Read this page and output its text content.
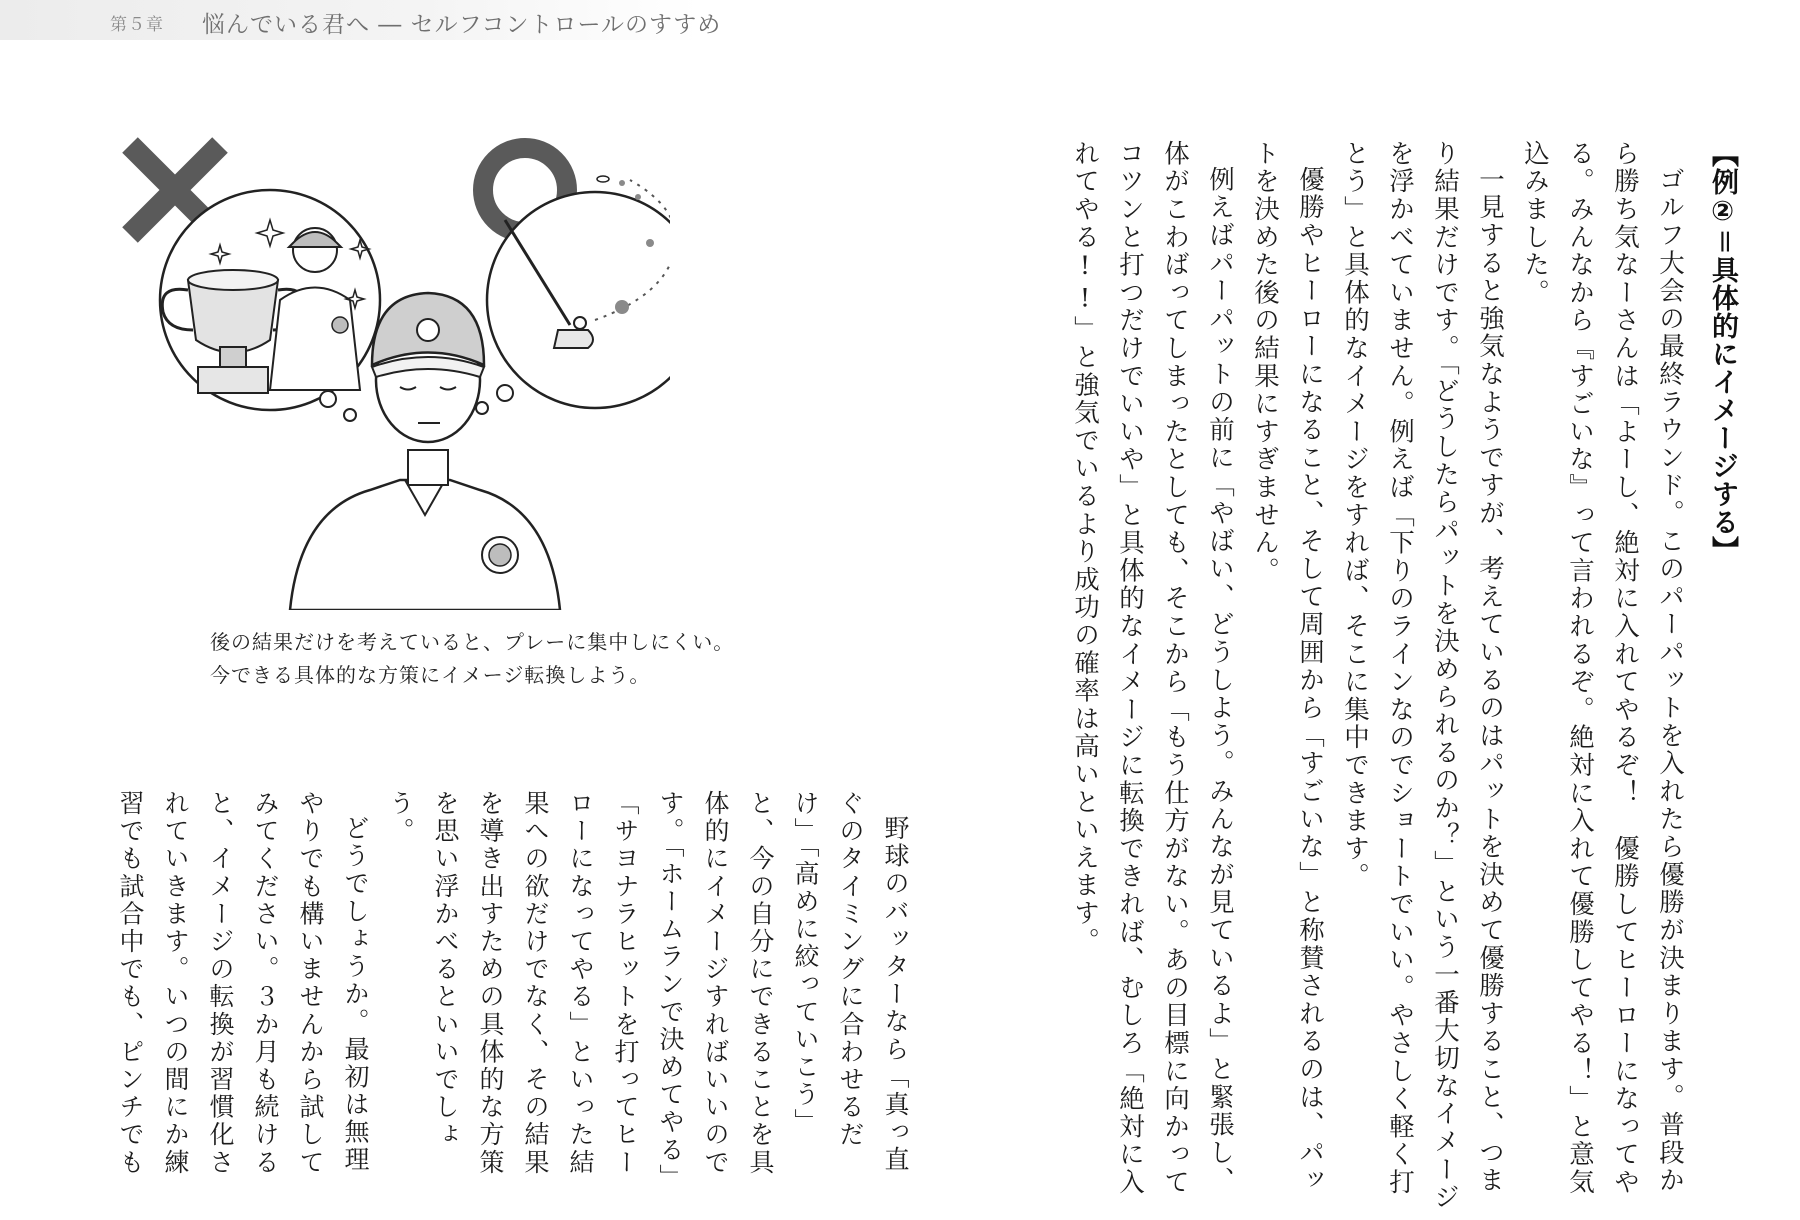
第５章 悩んでいる君へ ― セルフコントロールのすすめ

【例②＝具体的にイメージする】

ゴルフ大会の最終ラウンド。このパーパットを入れたら優勝が決まります。普段から勝ち気なーさんは「よーし、絶対に入れてやるぞ！　優勝してヒーローになってやる。みんなから『すごいな』って言われるぞ。絶対に入れて優勝してやる！」と意気込みました。

一見すると強気なようですが、考えているのはパットを決めて優勝すること、つまり結果だけです。「どうしたらパットを決められるのか？」という一番大切なイメージを浮かべていません。例えば「下りのラインなのでショートでいい。やさしく軽く打とう」と具体的なイメージをすれば、そこに集中できます。

優勝やヒーローになること、そして周囲から「すごいな」と称賛されるのは、パットを決めた後の結果にすぎません。

例えばパーパットの前に「やばい、どうしよう。みんなが見ているよ」と緊張し、体がこわばってしまったとしても、そこから「もう仕方がない。あの目標に向かってコツンと打つだけでいいや」と具体的なイメージに転換できれば、むしろ「絶対に入れてやる!!」と強気でいるより成功の確率は高いといえます。

後の結果だけを考えていると、プレーに集中しにくい。
今できる具体的な方策にイメージ転換しよう。

野球のバッターなら「真っ直ぐのタイミングに合わせるだけ」「高めに絞っていこう」と、今の自分にできることを具体的にイメージすればいいのです。「ホームランで決めてやる」「サヨナラヒットを打ってヒーローになってやる」といった結果への欲だけでなく、その結果を導き出すための具体的な方策を思い浮かべるといいでしょう。

どうでしょうか。最初は無理やりでも構いませんから試してみてください。３か月も続けると、イメージの転換が習慣化されていきます。いつの間にか練習でも試合中でも、ピンチでも
